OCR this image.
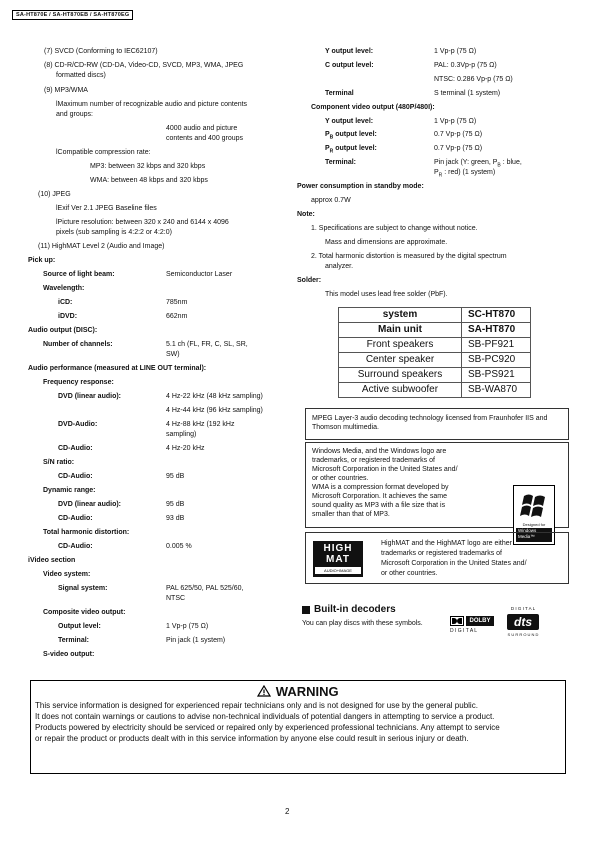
SA-HT870E / SA-HT870EB / SA-HT870EG
(7) SVCD (Conforming to IEC62107)
(8) CD-R/CD-RW (CD-DA, Video-CD, SVCD, MP3, WMA, JPEG
formatted discs)
(9) MP3/WMA
lMaximum number of recognizable audio and picture contents
and groups:
4000 audio and picture
contents and 400 groups
lCompatible compression rate:
MP3: between 32 kbps and 320 kbps
WMA: between 48 kbps and 320 kbps
(10) JPEG
lExif Ver 2.1 JPEG Baseline files
lPicture resolution: between 320 x 240 and 6144 x 4096
pixels (sub sampling is 4:2:2 or 4:2:0)
(11) HighMAT Level 2 (Audio and Image)
Pick up:
Source of light beam:	Semiconductor Laser
Wavelength:
iCD:	785nm
iDVD:	662nm
Audio output (DISC):
Number of channels:	5.1 ch (FL, FR, C, SL, SR,
SW)
Audio performance (measured at LINE OUT terminal):
Frequency response:
DVD (linear audio):	4 Hz-22 kHz (48 kHz sampling)
4 Hz-44 kHz (96 kHz sampling)
DVD-Audio:	4 Hz-88 kHz (192 kHz
sampling)
CD-Audio:	4 Hz-20 kHz
S/N ratio:
CD-Audio:	95 dB
Dynamic range:
DVD (linear audio):	95 dB
CD-Audio:	93 dB
Total harmonic distortion:
CD-Audio:	0.005 %
iVideo section
Video system:
Signal system:	PAL 625/50, PAL 525/60,
NTSC
Composite video output:
Output level:	1 Vp-p (75 Ω)
Terminal:	Pin jack (1 system)
S-video output:
Y output level:	1 Vp-p (75 Ω)
C output level:	PAL: 0.3Vp-p (75 Ω)
NTSC: 0.286 Vp-p (75 Ω)
Terminal	S terminal (1 system)
Component video output (480P/480I):
Y output level:	1 Vp-p (75 Ω)
$P_B$ output level:	0.7 Vp-p (75 Ω)
$P_R$ output level:	0.7 Vp-p (75 Ω)
Terminal:	Pin jack (Y: green, $P_B$ : blue,
$P_R$ : red) (1 system)
Power consumption in standby mode:
approx 0.7W
Note:
1. Specifications are subject to change without notice.
Mass and dimensions are approximate.
2. Total harmonic distortion is measured by the digital spectrum
analyzer.
Solder:
This model uses lead free solder (PbF).
system	SC-HT870
Main unit	SA-HT870
Front speakers	SB-PF921
Center speaker	SB-PC920
Surround speakers	SB-PS921
Active subwoofer	SB-WA870
MPEG Layer-3 audio decoding technology licensed from Fraunhofer IIS and Thomson multimedia.
Windows Media, and the Windows logo are
trademarks, or registered trademarks of
Microsoft Corporation in the United States and/
or other countries.
WMA is a compression format developed by
Microsoft Corporation. It achieves the same
sound quality as MP3 with a file size that is
smaller than that of MP3.
Designed for
Windows
Media™
HighMAT and the HighMAT logo are either
trademarks or registered trademarks of
Microsoft Corporation in the United States and/
or other countries.
HIGH
MAT
AUDIO+IMAGE
Built-in decoders
You can play discs with these symbols.	DOLBY
D I G I T A L
D I G I T A L
dts
S U R R O U N D
WARNING
This service information is designed for experienced repair technicians only and is not designed for use by the general public.
It does not contain warnings or cautions to advise non-technical individuals of potential dangers in attempting to service a product.
Products powered by electricity should be serviced or repaired only by experienced professional technicians. Any attempt to service
or repair the product or products dealt with in this service information by anyone else could result in serious injury or death.
2
